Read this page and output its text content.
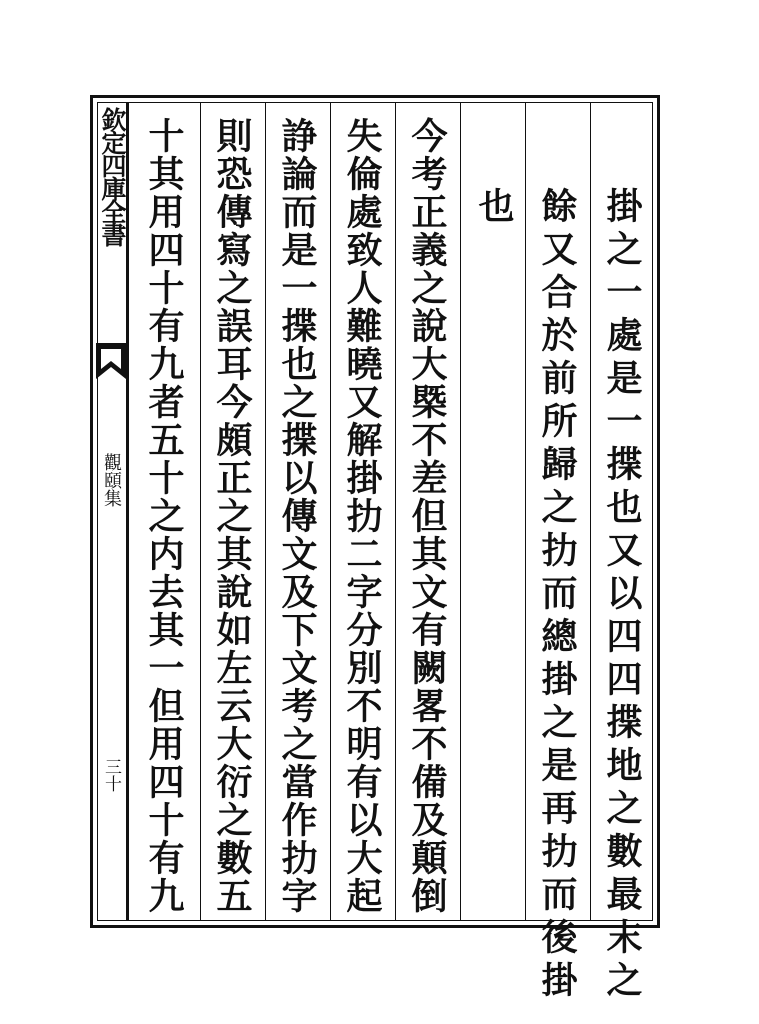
欽定四庫全書
觀頤集
三十	掛之一處是一揲也又以四四揲地之數最末之
餘又合於前所歸之扐而總掛之是再扐而後掛
也
今考正義之說大槩不差但其文有闕畧不備及顛倒
失倫處致人難曉又解掛扐二字分別不明有以大起
諍論而是一揲也之揲以傳文及下文考之當作扐字
則恐傳寫之誤耳今頗正之其說如左云大衍之數五
十其用四十有九者五十之内去其一但用四十有九
